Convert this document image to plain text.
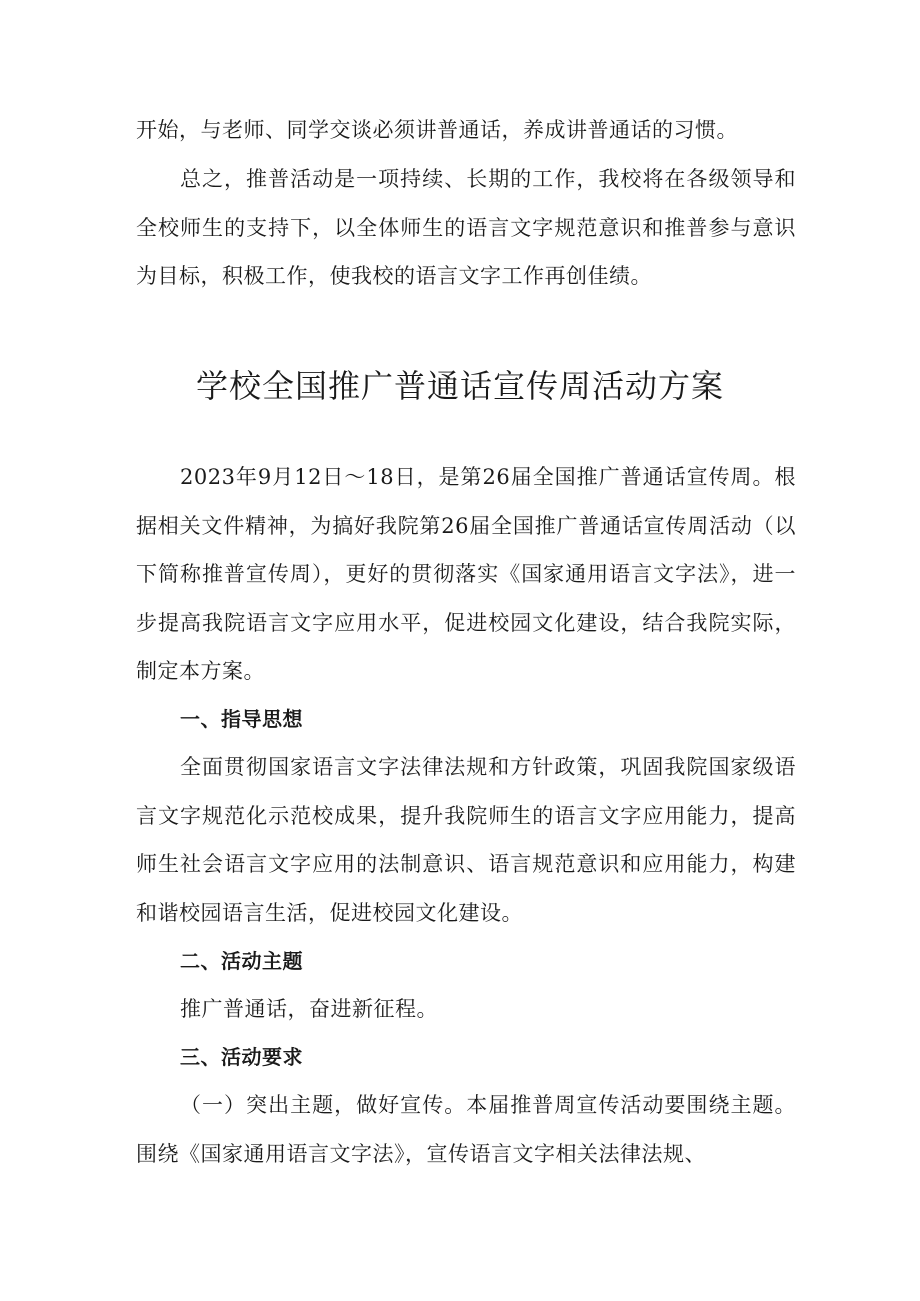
开始，与老师、同学交谈必须讲普通话，养成讲普通话的习惯。

总之，推普活动是一项持续、长期的工作，我校将在各级领导和全校师生的支持下，以全体师生的语言文字规范意识和推普参与意识为目标，积极工作，使我校的语言文字工作再创佳绩。

学校全国推广普通话宣传周活动方案

2023年9月12日～18日，是第26届全国推广普通话宣传周。根据相关文件精神，为搞好我院第26届全国推广普通话宣传周活动（以下简称推普宣传周），更好的贯彻落实《国家通用语言文字法》，进一步提高我院语言文字应用水平，促进校园文化建设，结合我院实际，制定本方案。

一、指导思想

全面贯彻国家语言文字法律法规和方针政策，巩固我院国家级语言文字规范化示范校成果，提升我院师生的语言文字应用能力，提高师生社会语言文字应用的法制意识、语言规范意识和应用能力，构建和谐校园语言生活，促进校园文化建设。

二、活动主题

推广普通话，奋进新征程。

三、活动要求

（一）突出主题，做好宣传。本届推普周宣传活动要围绕主题。围绕《国家通用语言文字法》，宣传语言文字相关法律法规、
